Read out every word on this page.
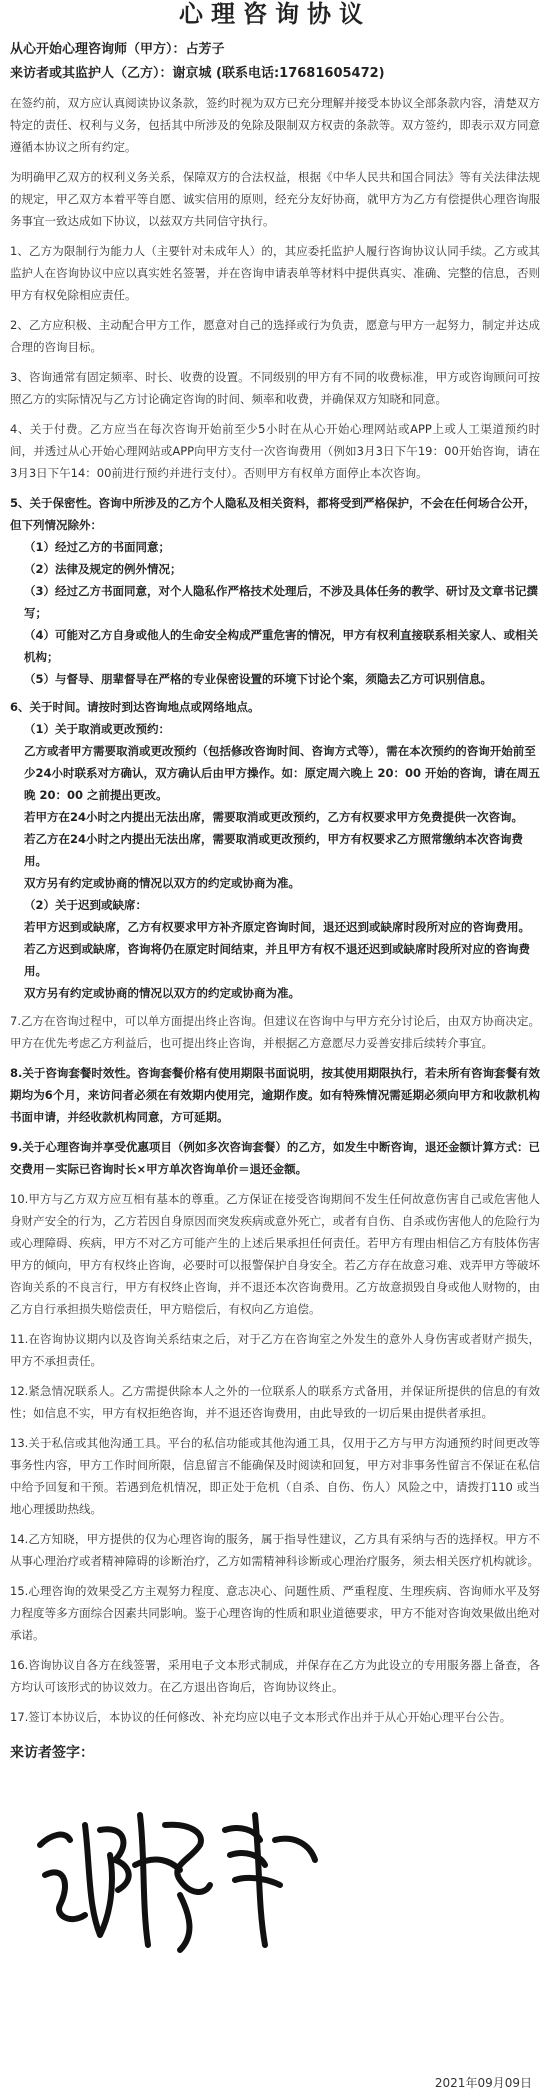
心理咨询协议
从心开始心理咨询师（甲方）：占芳子
来访者或其监护人（乙方）：谢京城 (联系电话:17681605472)

在签约前，双方应认真阅读协议条款，签约时视为双方已充分理解并接受本协议全部条款内容，清楚双方特定的责任、权利与义务，包括其中所涉及的免除及限制双方权责的条款等。双方签约，即表示双方同意遵循本协议之所有约定。

为明确甲乙双方的权利义务关系，保障双方的合法权益，根据《中华人民共和国合同法》等有关法律法规的规定，甲乙双方本着平等自愿、诚实信用的原则，经充分友好协商，就甲方为乙方有偿提供心理咨询服务事宜一致达成如下协议，以兹双方共同信守执行。

1、乙方为限制行为能力人（主要针对未成年人）的，其应委托监护人履行咨询协议认同手续。乙方或其监护人在咨询协议中应以真实姓名签署，并在咨询申请表单等材料中提供真实、准确、完整的信息，否则甲方有权免除相应责任。

2、乙方应积极、主动配合甲方工作，愿意对自己的选择或行为负责，愿意与甲方一起努力，制定并达成合理的咨询目标。

3、咨询通常有固定频率、时长、收费的设置。不同级别的甲方有不同的收费标准，甲方或咨询顾问可按照乙方的实际情况与乙方讨论确定咨询的时间、频率和收费，并确保双方知晓和同意。

4、关于付费。乙方应当在每次咨询开始前至少5小时在从心开始心理网站或APP上或人工渠道预约时间，并透过从心开始心理网站或APP向甲方支付一次咨询费用（例如3月3日下午19：00开始咨询，请在3月3日下午14：00前进行预约并进行支付）。否则甲方有权单方面停止本次咨询。

5、关于保密性。咨询中所涉及的乙方个人隐私及相关资料，都将受到严格保护，不会在任何场合公开，但下列情况除外：

（1）经过乙方的书面同意；

（2）法律及规定的例外情况；

（3）经过乙方书面同意，对个人隐私作严格技术处理后，不涉及具体任务的教学、研讨及文章书记撰写；

（4）可能对乙方自身或他人的生命安全构成严重危害的情况，甲方有权利直接联系相关家人、或相关机构；

（5）与督导、朋辈督导在严格的专业保密设置的环境下讨论个案，须隐去乙方可识别信息。

6、关于时间。请按时到达咨询地点或网络地点。

（1）关于取消或更改预约：

乙方或者甲方需要取消或更改预约（包括修改咨询时间、咨询方式等），需在本次预约的咨询开始前至少24小时联系对方确认，双方确认后由甲方操作。如：原定周六晚上 20：00 开始的咨询，请在周五晚 20：00 之前提出更改。

若甲方在24小时之内提出无法出席，需要取消或更改预约，乙方有权要求甲方免费提供一次咨询。

若乙方在24小时之内提出无法出席，需要取消或更改预约，甲方有权要求乙方照常缴纳本次咨询费用。

双方另有约定或协商的情况以双方的约定或协商为准。

（2）关于迟到或缺席：

若甲方迟到或缺席，乙方有权要求甲方补齐原定咨询时间，退还迟到或缺席时段所对应的咨询费用。

若乙方迟到或缺席，咨询将仍在原定时间结束，并且甲方有权不退还迟到或缺席时段所对应的咨询费用。

双方另有约定或协商的情况以双方的约定或协商为准。

7.乙方在咨询过程中，可以单方面提出终止咨询。但建议在咨询中与甲方充分讨论后，由双方协商决定。甲方在优先考虑乙方利益后，也可提出终止咨询，并根据乙方意愿尽力妥善安排后续转介事宜。

8.关于咨询套餐时效性。咨询套餐价格有使用期限书面说明，按其使用期限执行，若未所有咨询套餐有效期均为6个月，来访问者必须在有效期内使用完，逾期作废。如有特殊情况需延期必须向甲方和收款机构书面申请，并经收款机构同意，方可延期。

9.关于心理咨询并享受优惠项目（例如多次咨询套餐）的乙方，如发生中断咨询，退还金额计算方式：已交费用－实际已咨询时长×甲方单次咨询单价＝退还金额。

10.甲方与乙方双方应互相有基本的尊重。乙方保证在接受咨询期间不发生任何故意伤害自己或危害他人身财产安全的行为，乙方若因自身原因而突发疾病或意外死亡，或者有自伤、自杀或伤害他人的危险行为或心理障碍、疾病，甲方不对乙方可能产生的上述后果承担任何责任。若甲方有理由相信乙方有肢体伤害甲方的倾向，甲方有权终止咨询，必要时可以报警保护自身安全。若乙方存在故意习难、戏弄甲方等破坏咨询关系的不良言行，甲方有权终止咨询，并不退还本次咨询费用。乙方故意损毁自身或他人财物的，由乙方自行承担损失赔偿责任，甲方赔偿后，有权向乙方追偿。

11.在咨询协议期内以及咨询关系结束之后，对于乙方在咨询室之外发生的意外人身伤害或者财产损失，甲方不承担责任。

12.紧急情况联系人。乙方需提供除本人之外的一位联系人的联系方式备用，并保证所提供的信息的有效性；如信息不实，甲方有权拒绝咨询，并不退还咨询费用，由此导致的一切后果由提供者承担。

13.关于私信或其他沟通工具。平台的私信功能或其他沟通工具，仅用于乙方与甲方沟通预约时间更改等事务性内容，甲方工作时间所限，信息留言不能确保及时阅读和回复，甲方对非事务性留言不保证在私信中给予回复和干预。若遇到危机情况，即正处于危机（自杀、自伤、伤人）风险之中，请拨打110 或当地心理援助热线。

14.乙方知晓，甲方提供的仅为心理咨询的服务，属于指导性建议，乙方具有采纳与否的选择权。甲方不从事心理治疗或者精神障碍的诊断治疗，乙方如需精神科诊断或心理治疗服务，须去相关医疗机构就诊。

15.心理咨询的效果受乙方主观努力程度、意志决心、问题性质、严重程度、生理疾病、咨询师水平及努力程度等多方面综合因素共同影响。鉴于心理咨询的性质和职业道德要求，甲方不能对咨询效果做出绝对承诺。

16.咨询协议自各方在线签署，采用电子文本形式制成，并保存在乙方为此设立的专用服务器上备查，各方均认可该形式的协议效力。在乙方退出咨询后，咨询协议终止。

17.签订本协议后，本协议的任何修改、补充均应以电子文本形式作出并于从心开始心理平台公告。

来访者签字：
2021年09月09日
